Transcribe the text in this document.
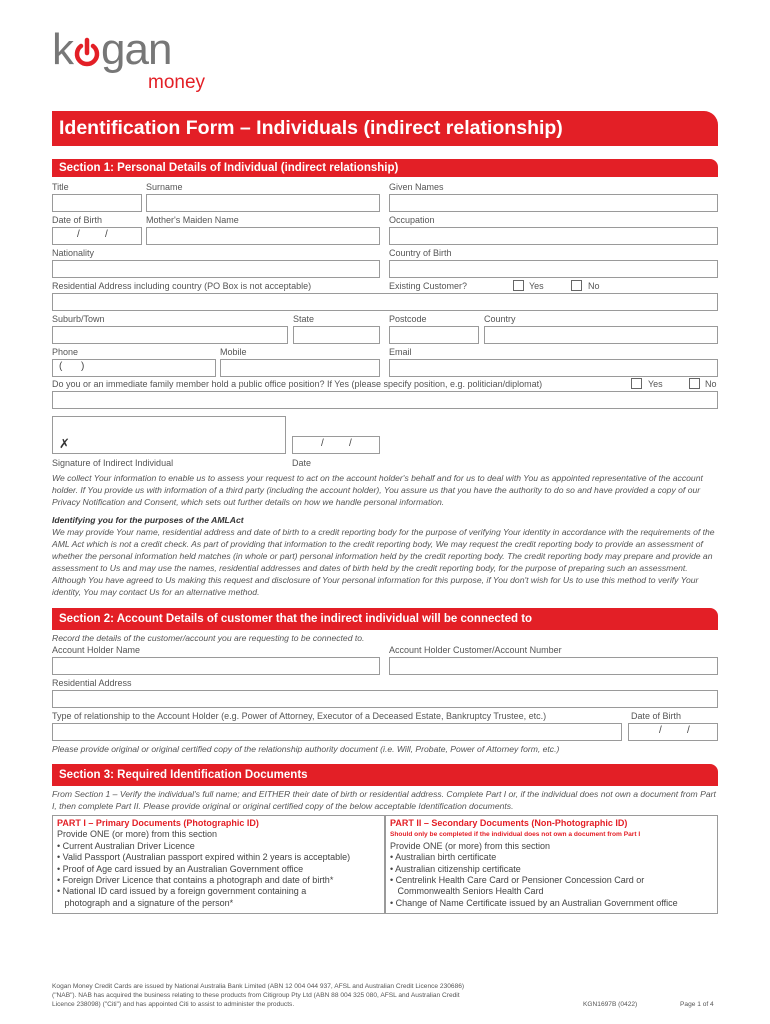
k gan
money
Identification Form – Individuals (indirect relationship)
Section 1: Personal Details of Individual (indirect relationship)
Title	Surname	Given Names
Date of Birth	Mother's Maiden Name	Occupation
/	/
Nationality	Country of Birth
Residential Address including country (PO Box is not acceptable)	Existing Customer?	Yes	No
Suburb/Town	State	Postcode	Country
Phone	Mobile	Email
( )
Do you or an immediate family member hold a public office position? If Yes (please specify position, e.g. politician/diplomat)	Yes	No
✗	/	/
Signature of Indirect Individual	Date
We collect Your information to enable us to assess your request to act on the account holder's behalf and for us to deal with You as appointed representative of the account holder. If You provide us with information of a third party (including the account holder), You assure us that you have the authority to do so and have provided a copy of our Privacy Notification and Consent, which sets out further details on how we handle personal information.
Identifying you for the purposes of the AMLAct
We may provide Your name, residential address and date of birth to a credit reporting body for the purpose of verifying Your identity in accordance with the requirements of the AML Act which is not a credit check. As part of providing that information to the credit reporting body, We may request the credit reporting body to provide an assessment of whether the personal information held matches (in whole or part) personal information held by the credit reporting body. The credit reporting body may prepare and provide an assessment to Us and may use the names, residential addresses and dates of birth held by the credit reporting body, for the purpose of preparing such an assessment. Although You have agreed to Us making this request and disclosure of Your personal information for this purpose, if You don't wish for Us to use this method to verify Your identity, You may contact Us for an alternative method.
Section 2: Account Details of customer that the indirect individual will be connected to
Record the details of the customer/account you are requesting to be connected to.
Account Holder Name	Account Holder Customer/Account Number
Residential Address
Type of relationship to the Account Holder (e.g. Power of Attorney, Executor of a Deceased Estate, Bankruptcy Trustee, etc.)	Date of Birth
/	/
Please provide original or original certified copy of the relationship authority document (i.e. Will, Probate, Power of Attorney form, etc.)
Section 3: Required Identification Documents
From Section 1 – Verify the individual's full name; and EITHER their date of birth or residential address. Complete Part I or, if the individual does not own a document from Part I, then complete Part II. Please provide original or original certified copy of the below acceptable Identification documents.
PART I – Primary Documents (Photographic ID)
Provide ONE (or more) from this section
• Current Australian Driver Licence
• Valid Passport (Australian passport expired within 2 years is acceptable)
• Proof of Age card issued by an Australian Government office
• Foreign Driver Licence that contains a photograph and date of birth*
• National ID card issued by a foreign government containing a
photograph and a signature of the person*
PART II – Secondary Documents (Non-Photographic ID)
Should only be completed if the individual does not own a document from Part I
Provide ONE (or more) from this section
• Australian birth certificate
• Australian citizenship certificate
• Centrelink Health Care Card or Pensioner Concession Card or
Commonwealth Seniors Health Card
• Change of Name Certificate issued by an Australian Government office
Kogan Money Credit Cards are issued by National Australia Bank Limited (ABN 12 004 044 937, AFSL and Australian Credit Licence 230686)
("NAB"). NAB has acquired the business relating to these products from Citigroup Pty Ltd (ABN 88 004 325 080, AFSL and Australian Credit
Licence 238098) ("Citi") and has appointed Citi to assist to administer the products.	KGN1697B (0422)	Page 1 of 4
